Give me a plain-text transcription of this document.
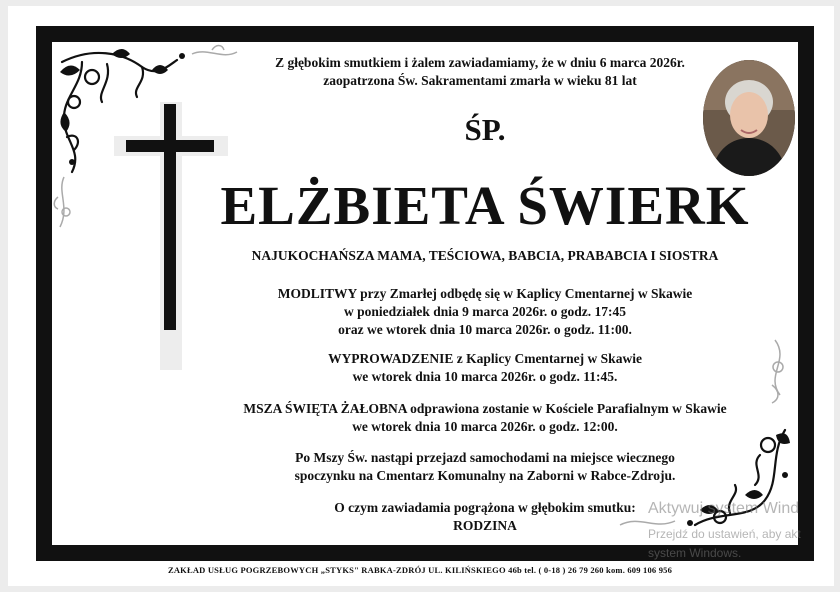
Z głębokim smutkiem i żalem zawiadamiamy, że w dniu 6 marca 2026r.
zaopatrzona Św. Sakramentami zmarła w wieku 81 lat
ŚP.
ELŻBIETA ŚWIERK
NAJUKOCHAŃSZA MAMA, TEŚCIOWA, BABCIA, PRABABCIA I SIOSTRA
MODLITWY przy Zmarłej odbędę się w Kaplicy Cmentarnej w Skawie
w poniedziałek dnia 9 marca 2026r. o godz. 17:45
oraz we wtorek dnia 10 marca 2026r. o godz. 11:00.
WYPROWADZENIE z Kaplicy Cmentarnej w Skawie
we wtorek dnia 10 marca 2026r. o godz. 11:45.
MSZA ŚWIĘTA ŻAŁOBNA odprawiona zostanie w Kościele Parafialnym w Skawie
we wtorek dnia 10 marca 2026r. o godz. 12:00.
Po Mszy Św. nastąpi przejazd samochodami na miejsce wiecznego
spoczynku na Cmentarz Komunalny na Zaborni w Rabce-Zdroju.
O czym zawiadamia pogrążona w głębokim smutku:
RODZINA
ZAKŁAD USŁUG POGRZEBOWYCH „STYKS" RABKA-ZDRÓJ UL. KILIŃSKIEGO 46b tel. ( 0-18 ) 26 79 260 kom. 609 106 956
Aktywuj system Wind
Przejdź do ustawień, aby akt
system Windows.
